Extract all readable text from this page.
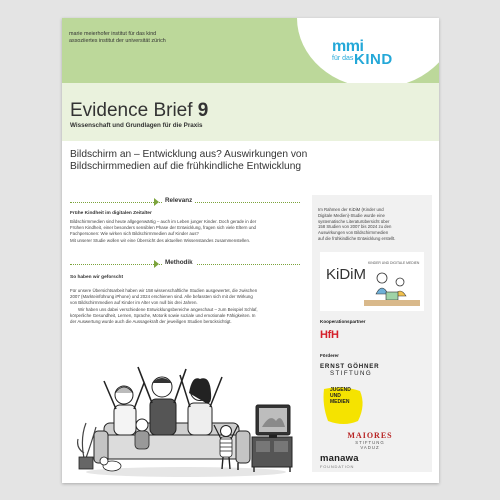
marie meierhofer institut für das kind
assoziiertes institut der universität zürich	mmi
für das KIND
Evidence Brief 9
Wissenschaft und Grundlagen für die Praxis
Bildschirm an – Entwicklung aus? Auswirkungen von Bildschirmmedien auf die frühkindliche Entwicklung
Relevanz
Frühe Kindheit im digitalen Zeitalter

Bildschirmmedien sind heute allgegenwärtig – auch im Leben junger Kinder. Doch gerade in der

Frühen Kindheit, einer besonders sensiblen Phase der Entwicklung, fragen sich viele Eltern und

Fachpersonen: Wie wirken sich Bildschirmmedien auf Kinder aus?

Mit unserer Studie wollen wir eine Übersicht des aktuellen Wissenstandes zusammenstellen.

Methodik
So haben wir geforscht

Für unsere Übersichtsarbeit haben wir 158 wissenschaftliche Studien ausgewertet, die zwischen

2007 (Markteinführung iPhone) und 2024 erschienen sind. Alle befassten sich mit der Wirkung

von Bildschirmmedien auf Kinder im Alter von null bis drei Jahren.

Wir haben uns dabei verschiedene Entwicklungsbereiche angeschaut – zum Beispiel Schlaf,

körperliche Gesundheit, Lernen, Sprache, Motorik sowie soziale und emotionale Fähigkeiten. In

der Auswertung wurde auch die Aussagekraft der jeweiligen Studien berücksichtigt.

Im Rahmen der KiDiM (Kinder und
Digitale Medien)-Studie wurde eine
systematische Literaturübersicht über
158 Studien von 2007 bis 2024 zu den
Auswirkungen von Bildschirmmedien
auf die frühkindliche Entwicklung erstellt.
KiDiM
KINDER UND DIGITALE MEDIEN
Kooperationspartner
HfH
Förderer
ERNST GÖHNER
STIFTUNG
JUGEND
UND
MEDIEN
MAIORES
STIFTUNG
VADUZ
manawa
FOUNDATION
